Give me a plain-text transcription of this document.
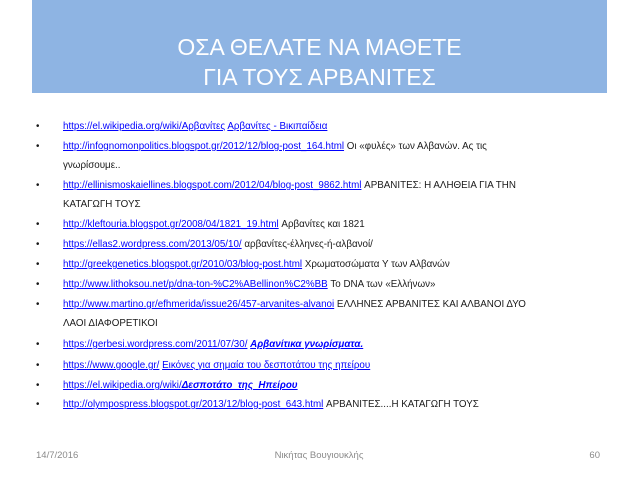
ΟΣΑ ΘΕΛΑΤΕ ΝΑ ΜΑΘΕΤΕ
ΓΙΑ ΤΟΥΣ ΑΡΒΑΝΙΤΕΣ
•	https://el.wikipedia.org/wiki/Αρβανίτες Αρβανίτες - Βικιπαίδεια
•	http://infognomonpolitics.blogspot.gr/2012/12/blog-post_164.html Οι «φυλές» των Αλβανών. Ας τις
γνωρίσουμε..
•	http://ellinismoskaiellines.blogspot.com/2012/04/blog-post_9862.html ΑΡΒΑΝΙΤΕΣ: Η ΑΛΗΘΕΙΑ ΓΙΑ ΤΗΝ
ΚΑΤΑΓΩΓΗ ΤΟΥΣ
•	http://kleftouria.blogspot.gr/2008/04/1821_19.html Αρβανίτες και 1821
•	https://ellas2.wordpress.com/2013/05/10/ αρβανίτες-έλληνες-ή-αλβανοί/
•	http://greekgenetics.blogspot.gr/2010/03/blog-post.html Χρωματοσώματα Υ των Αλβανών
•	http://www.lithoksou.net/p/dna-ton-%C2%ABellinon%C2%BB Το DNA των «Ελλήνων»
•	http://www.martino.gr/efhmerida/issue26/457-arvanites-alvanoi ΕΛΛΗΝΕΣ ΑΡΒΑΝΙΤΕΣ ΚΑΙ ΑΛΒΑΝΟΙ ΔΥΟ
ΛΑΟΙ ΔΙΑΦΟΡΕΤΙΚΟΙ
•	https://gerbesi.wordpress.com/2011/07/30/ Αρβανίτικα γνωρίσματα.
•	https://www.google.gr/ Εικόνες για σημαία του δεσποτάτου της ηπείρου
•	https://el.wikipedia.org/wiki/Δεσποτάτο_της_Ηπείρου
•	http://olympospress.blogspot.gr/2013/12/blog-post_643.html ΑΡΒΑΝΙΤΕΣ....Η ΚΑΤΑΓΩΓΗ ΤΟΥΣ
14/7/2016	Νικήτας Βουγιουκλής	60
